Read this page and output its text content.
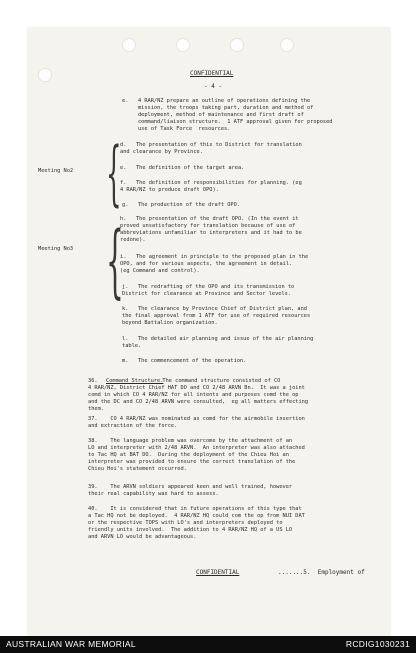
CONFIDENTIAL
- 4 -
e.   4 RAR/NZ prepare an outline of operations defining the
mission, the troops taking part, duration and method of
deployment, method of maintenance and first draft of
command/liaison structure.  1 ATF approval given for proposed
use of Task Force  resources.
Meeting No2 {
d.   The presentation of this to District for translation
and clearance by Province.
e.   The definition of the target area.
f.   The definition of responsibilities for planning. (eg
4 RAR/NZ to produce draft OPO).
g.   The production of the draft OPO.
Meeting No3 {
h.   The presentation of the draft OPO. (In the event it
proved unsatisfactory for translation because of use of
abbreviations unfamiliar to interpreters and it had to be
redone).
i.   The agreement in principle to the proposed plan in the
OPO, and for various aspects, the agreement in detail.
(eg Command and control).
j.   The redrafting of the OPO and its transmission to
District for clearance at Province and Sector levels.
k.   The clearance by Province Chief of District plan, and
the final approval from 1 ATF for use of required resources
beyond Battalion organization.
l.   The detailed air planning and issue of the air planning
table.
m.   The commencement of the operation.
36. Command Structure.
The command structure consisted of CO
4 RAR/NZ, District Chief HAT DO and CO 2/48 ARVN Bn.  It was a joint
comd in which CO 4 RAR/NZ for all intents and purposes comd the op
and the DC and CO 2/48 ARVN were consulted,  eg all matters effecting
them.
37.    CO 4 RAR/NZ was nominated as comd for the airmobile insertion
and extraction of the force.
38.    The language problem was overcome by the attachment of an
LO and interpreter with 2/48 ARVN.  An interpreter was also attached
to Tac HQ at BAT DO.  During the deployment of the Chieu Hoi an
interpreter was provided to ensure the correct translation of the
Chieu Hoi's statement occurred.
39.    The ARVN soldiers appeared keen and well trained, however
their real capability was hard to assess.
40.    It is considered that in future operations of this type that
a Tac HQ not be deployed.  4 RAR/NZ HQ could com the op from NUI DAT
or the respective TOPS with LO's and interpreters deployed to
friendly units involved.  The addition to 4 RAR/NZ HQ of a US LO
and ARVN LO would be advantageous.
CONFIDENTIAL	.......5.  Employment of
AUSTRALIAN WAR MEMORIAL	RCDIG1030231
